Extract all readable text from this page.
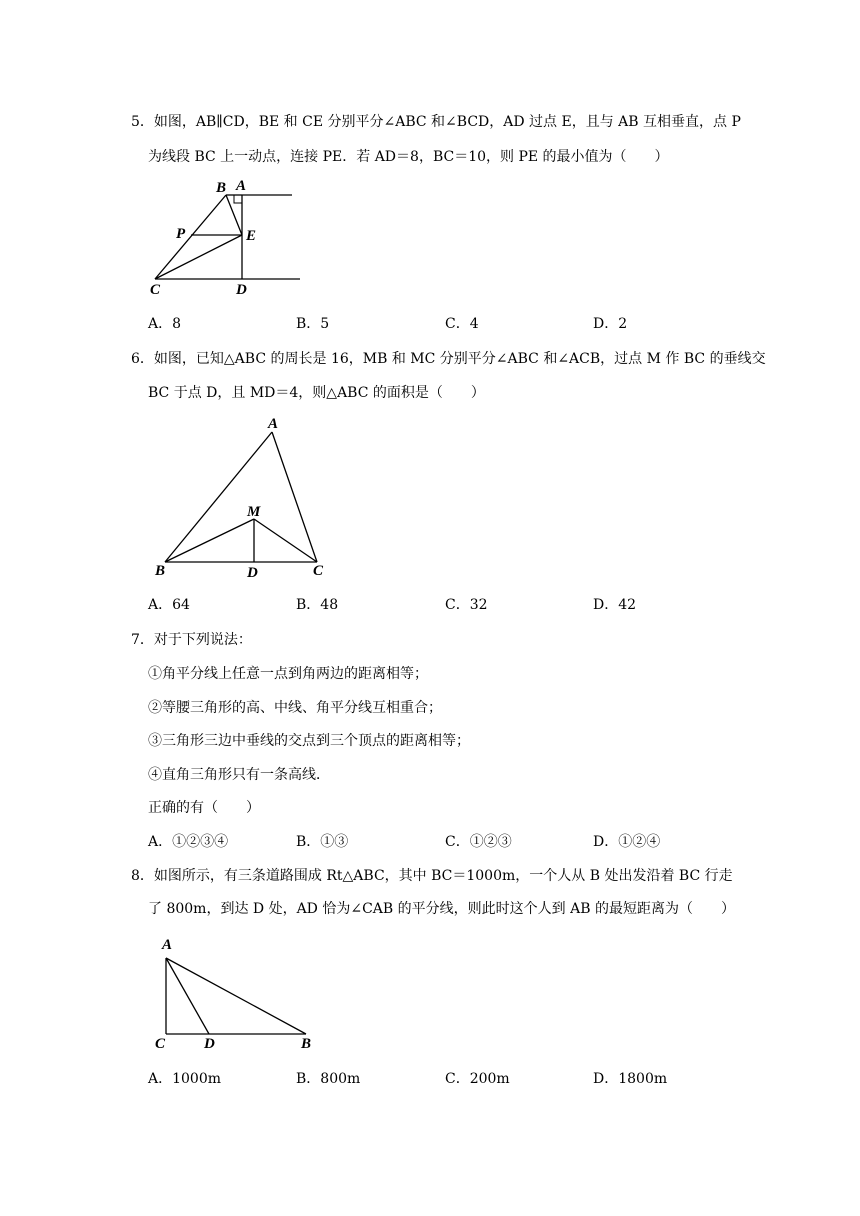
5．如图，AB∥CD，BE 和 CE 分别平分∠ABC 和∠BCD，AD 过点 E，且与 AB 互相垂直，点 P
为线段 BC 上一动点，连接 PE．若 AD＝8，BC＝10，则 PE 的最小值为（　　）
B A
P	E
C	D
A．8	B．5	C．4	D．2
6．如图，已知△ABC 的周长是 16，MB 和 MC 分别平分∠ABC 和∠ACB，过点 M 作 BC 的垂线交
BC 于点 D，且 MD＝4，则△ABC 的面积是（　　）
A
M
B	D	C
A．64	B．48	C．32	D．42
7．对于下列说法：
①角平分线上任意一点到角两边的距离相等；
②等腰三角形的高、中线、角平分线互相重合；
③三角形三边中垂线的交点到三个顶点的距离相等；
④直角三角形只有一条高线．
正确的有（　　）
A．①②③④	B．①③	C．①②③	D．①②④
8．如图所示，有三条道路围成 Rt△ABC，其中 BC＝1000m，一个人从 B 处出发沿着 BC 行走
了 800m，到达 D 处，AD 恰为∠CAB 的平分线，则此时这个人到 AB 的最短距离为（　　）
A
C	D	B
A．1000m	B．800m	C．200m	D．1800m
